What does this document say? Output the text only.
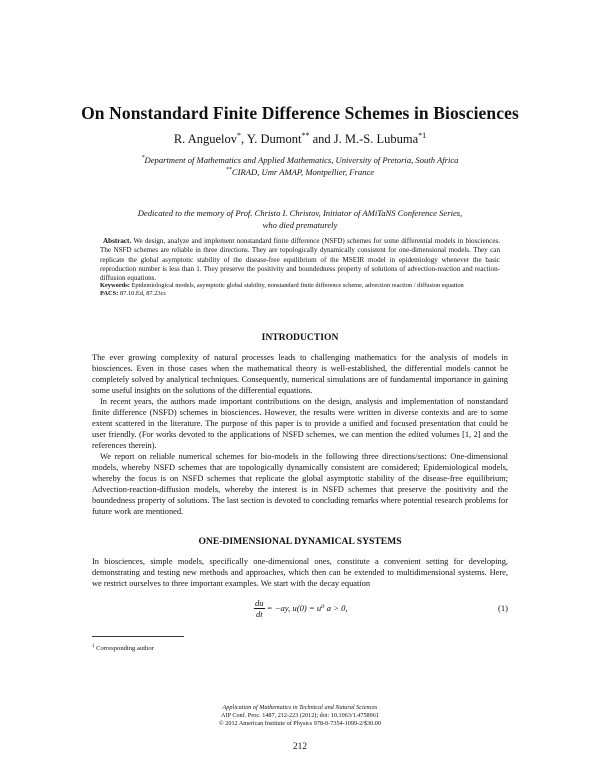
On Nonstandard Finite Difference Schemes in Biosciences
R. Anguelov*, Y. Dumont** and J. M.-S. Lubuma$^{*1}$
*Department of Mathematics and Applied Mathematics, University of Pretoria, South Africa
**CIRAD, Umr AMAP, Montpellier, France
Dedicated to the memory of Prof. Christo I. Christov, Initiator of AMiTaNS Conference Series, who died prematurely
Abstract. We design, analyze and implement nonstandard finite difference (NSFD) schemes for some differential models in biosciences. The NSFD schemes are reliable in three directions. They are topologically dynamically consistent for one-dimensional models. They can replicate the global asymptotic stability of the disease-free equilibrium of the MSEIR model in epidemiology whenever the basic reproduction number is less than 1. They preserve the positivity and boundedness property of solutions of advection-reaction and reaction-diffusion equations.
Keywords: Epidemiological models, asymptotic global stability, nonstandard finite difference scheme, advection reaction / diffusion equation
PACS: 87.10.Ed, 87.23cc
INTRODUCTION
The ever growing complexity of natural processes leads to challenging mathematics for the analysis of models in biosciences. Even in those cases when the mathematical theory is well-established, the differential models cannot be completely solved by analytical techniques. Consequently, numerical simulations are of fundamental importance in gaining some useful insights on the solutions of the differential equations.
In recent years, the authors made important contributions on the design, analysis and implementation of nonstandard finite difference (NSFD) schemes in biosciences. However, the results were written in diverse contexts and are to some extent scattered in the literature. The purpose of this paper is to provide a unified and focused presentation that could be user friendly. (For works devoted to the applications of NSFD schemes, we can mention the edited volumes [1, 2] and the references therein).
We report on reliable numerical schemes for bio-models in the following three directions/sections: One-dimensional models, whereby NSFD schemes that are topologically dynamically consistent are considered; Epidemiological models, whereby the focus is on NSFD schemes that replicate the global asymptotic stability of the disease-free equilibrium; Advection-reaction-diffusion models, whereby the interest is in NSFD schemes that preserve the positivity and the boundedness property of solutions. The last section is devoted to concluding remarks where potential research problems for future work are mentioned.
ONE-DIMENSIONAL DYNAMICAL SYSTEMS
In biosciences, simple models, specifically one-dimensional ones, constitute a convenient setting for developing, demonstrating and testing new methods and approaches, which then can be extended to multidimensional systems. Here, we restrict ourselves to three important examples. We start with the decay equation
$\frac{du}{dt} = -ay$, u(0) = u⁰ a > 0,	(1)
$^1$ Corresponding author
Application of Mathematics in Technical and Natural Sciences
AIP Conf. Proc. 1487, 212-223 (2012); doi: 10.1063/1.4758961
© 2012 American Institute of Physics 978-0-7354-1099-2/$30.00
212
